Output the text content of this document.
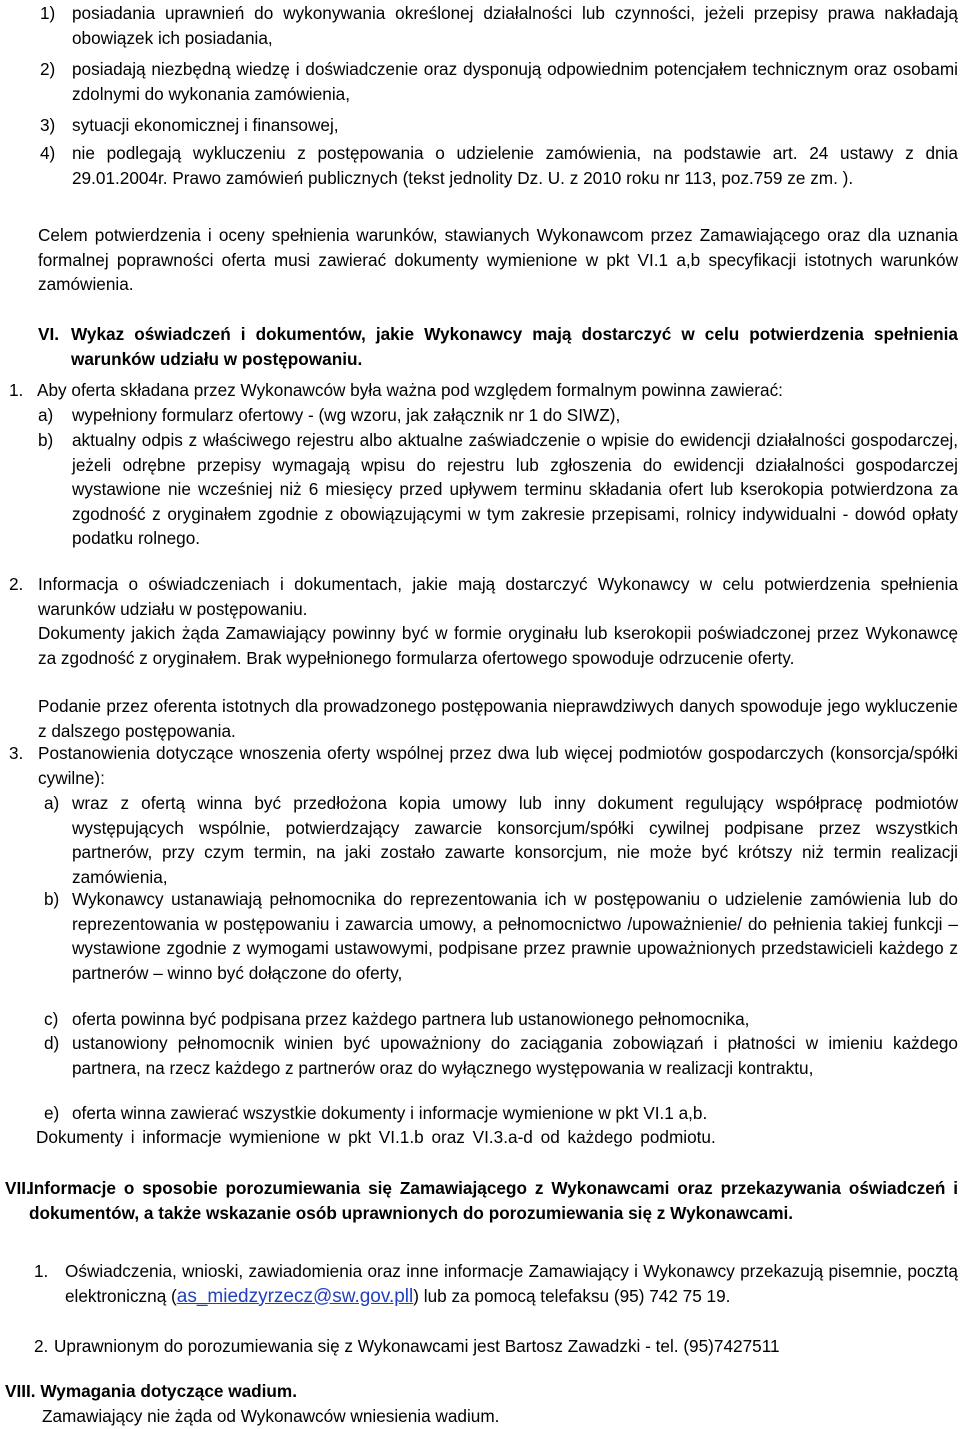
1) posiadania uprawnień do wykonywania określonej działalności lub czynności, jeżeli przepisy prawa nakładają obowiązek ich posiadania,
2) posiadają niezbędną wiedzę i doświadczenie oraz dysponują odpowiednim potencjałem technicznym oraz osobami zdolnymi do wykonania zamówienia,
3) sytuacji ekonomicznej i finansowej,
4) nie podlegają wykluczeniu z postępowania o udzielenie zamówienia, na podstawie art. 24 ustawy z dnia 29.01.2004r. Prawo zamówień publicznych (tekst jednolity Dz. U. z 2010 roku nr 113, poz.759 ze zm. ).

Celem potwierdzenia i oceny spełnienia warunków, stawianych Wykonawcom przez Zamawiającego oraz dla uznania formalnej poprawności oferta musi zawierać dokumenty wymienione w pkt VI.1 a,b specyfikacji istotnych warunków zamówienia.

VI. Wykaz oświadczeń i dokumentów, jakie Wykonawcy mają dostarczyć w celu potwierdzenia spełnienia warunków udziału w postępowaniu.
1. Aby oferta składana przez Wykonawców była ważna pod względem formalnym powinna zawierać:
a)	wypełniony formularz ofertowy - (wg wzoru, jak załącznik nr 1 do SIWZ),
b)	aktualny odpis z właściwego rejestru albo aktualne zaświadczenie o wpisie do ewidencji działalności gospodarczej, jeżeli odrębne przepisy wymagają wpisu do rejestru lub zgłoszenia do ewidencji działalności gospodarczej wystawione nie wcześniej niż 6 miesięcy przed upływem terminu składania ofert lub kserokopia potwierdzona za zgodność z oryginałem zgodnie z obowiązującymi w tym zakresie przepisami, rolnicy indywidualni - dowód opłaty podatku rolnego.
2. Informacja o oświadczeniach i dokumentach, jakie mają dostarczyć Wykonawcy w celu potwierdzenia spełnienia warunków udziału w postępowaniu.

Dokumenty jakich żąda Zamawiający powinny być w formie oryginału lub kserokopii poświadczonej przez Wykonawcę za zgodność z oryginałem. Brak wypełnionego formularza ofertowego spowoduje odrzucenie oferty.

Podanie przez oferenta istotnych dla prowadzonego postępowania nieprawdziwych danych spowoduje jego wykluczenie z dalszego postępowania.

3. Postanowienia dotyczące wnoszenia oferty wspólnej przez dwa lub więcej podmiotów gospodarczych (konsorcja/spółki cywilne):
a) wraz z ofertą winna być przedłożona kopia umowy lub inny dokument regulujący współpracę podmiotów występujących wspólnie, potwierdzający zawarcie konsorcjum/spółki cywilnej podpisane przez wszystkich partnerów, przy czym termin, na jaki zostało zawarte konsorcjum, nie może być krótszy niż termin realizacji zamówienia,
b) Wykonawcy ustanawiają pełnomocnika do reprezentowania ich w postępowaniu o udzielenie zamówienia lub do reprezentowania w postępowaniu i zawarcia umowy, a pełnomocnictwo /upoważnienie/ do pełnienia takiej funkcji – wystawione zgodnie z wymogami ustawowymi, podpisane przez prawnie upoważnionych przedstawicieli każdego z partnerów – winno być dołączone do oferty,
c) oferta powinna być podpisana przez każdego partnera lub ustanowionego pełnomocnika,
d) ustanowiony pełnomocnik winien być upoważniony do zaciągania zobowiązań i płatności w imieniu każdego partnera, na rzecz każdego z partnerów oraz do wyłącznego występowania w realizacji kontraktu,
e) oferta winna zawierać wszystkie dokumenty i informacje wymienione w pkt VI.1 a,b.

Dokumenty i informacje wymienione w pkt VI.1.b oraz VI.3.a-d od każdego podmiotu.

VII.
Informacje o sposobie porozumiewania się Zamawiającego z Wykonawcami oraz przekazywania oświadczeń i dokumentów, a także wskazanie osób uprawnionych do porozumiewania się z Wykonawcami.
1. Oświadczenia, wnioski, zawiadomienia oraz inne informacje Zamawiający i Wykonawcy przekazują pisemnie, pocztą elektroniczną (as_miedzyrzecz@sw.gov.pll) lub za pomocą telefaksu (95) 742 75 19.
2. Uprawnionym do porozumiewania się z Wykonawcami jest Bartosz Zawadzki - tel. (95)7427511
VIII. Wymagania dotyczące wadium.

Zamawiający nie żąda od Wykonawców wniesienia wadium.
